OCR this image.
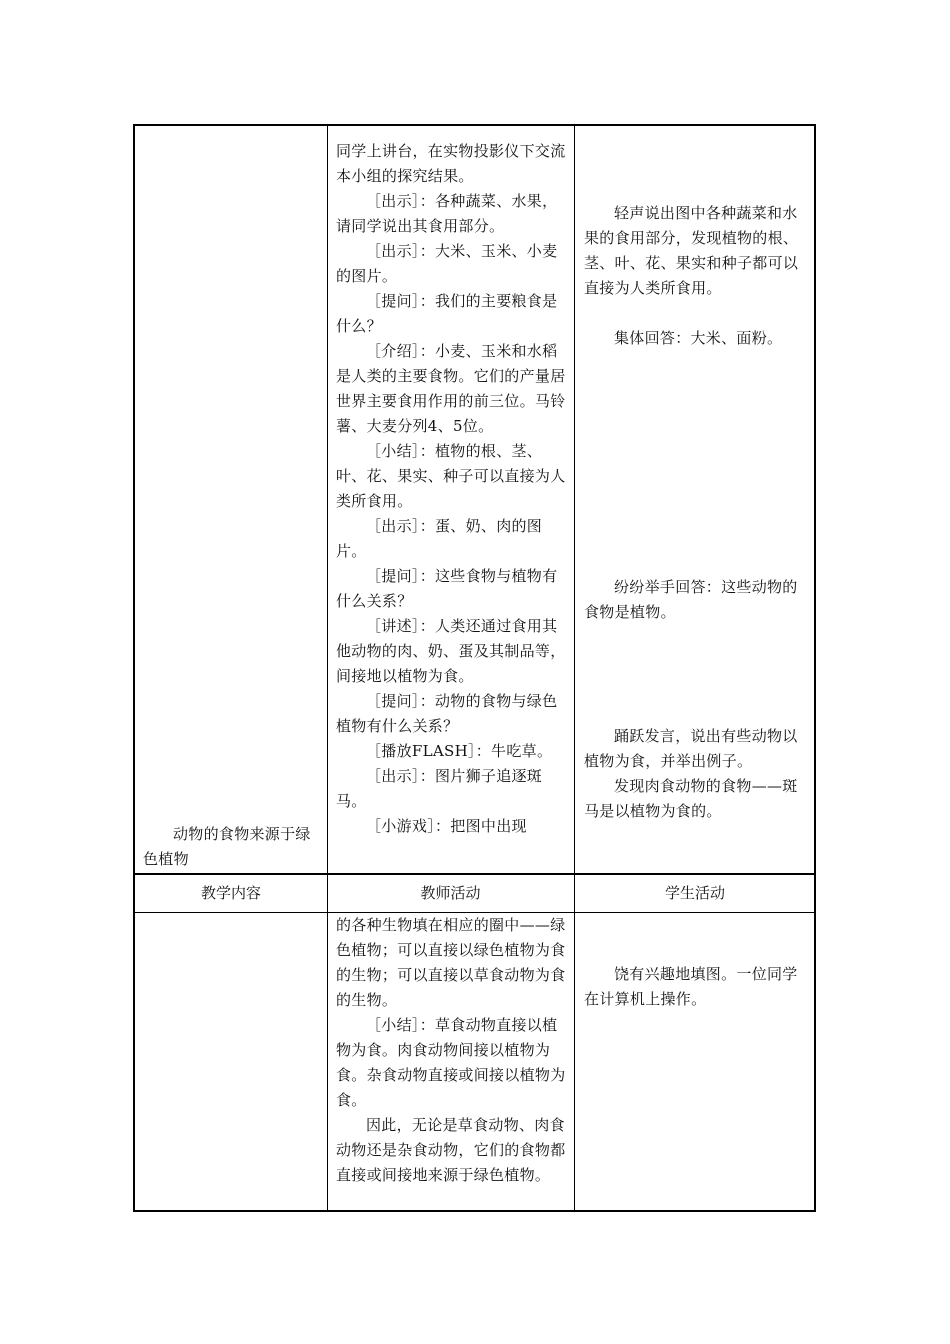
动物的食物来源于绿色植物

同学上讲台，在实物投影仪下交流本小组的探究结果。

［出示］：各种蔬菜、水果，请同学说出其食用部分。

［出示］：大米、玉米、小麦的图片。

［提问］：我们的主要粮食是什么？

［介绍］：小麦、玉米和水稻是人类的主要食物。它们的产量居世界主要食用作用的前三位。马铃薯、大麦分列4、5位。

［小结］：植物的根、茎、叶、花、果实、种子可以直接为人类所食用。

［出示］：蛋、奶、肉的图片。

［提问］：这些食物与植物有什么关系？

［讲述］：人类还通过食用其他动物的肉、奶、蛋及其制品等，间接地以植物为食。

［提问］：动物的食物与绿色植物有什么关系？

［播放FLASH］：牛吃草。

［出示］：图片狮子追逐斑马。

［小游戏］：把图中出现

轻声说出图中各种蔬菜和水果的食用部分，发现植物的根、茎、叶、花、果实和种子都可以直接为人类所食用。

集体回答：大米、面粉。

纷纷举手回答：这些动物的食物是植物。

踊跃发言，说出有些动物以植物为食，并举出例子。

发现肉食动物的食物——斑马是以植物为食的。

教学内容	教师活动	学生活动

的各种生物填在相应的圈中——绿色植物；可以直接以绿色植物为食的生物；可以直接以草食动物为食的生物。

［小结］：草食动物直接以植物为食。肉食动物间接以植物为食。杂食动物直接或间接以植物为食。

因此，无论是草食动物、肉食动物还是杂食动物，它们的食物都直接或间接地来源于绿色植物。

饶有兴趣地填图。一位同学在计算机上操作。
